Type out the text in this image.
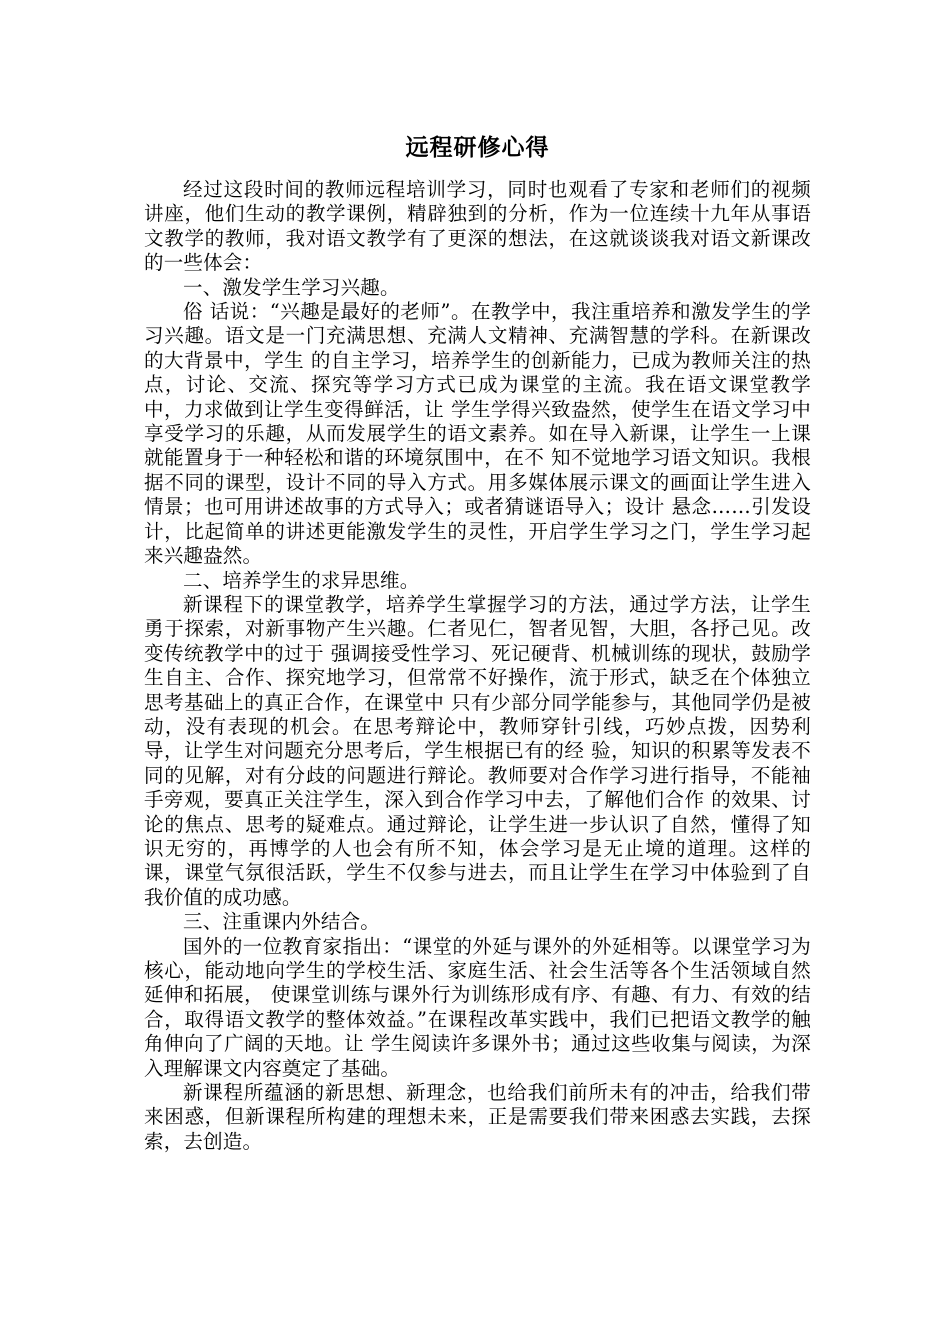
远程研修心得

经过这段时间的教师远程培训学习，同时也观看了专家和老师们的视频讲座，他们生动的教学课例，精辟独到的分析，作为一位连续十九年从事语文教学的教师，我对语文教学有了更深的想法，在这就谈谈我对语文新课改的一些体会：

一、激发学生学习兴趣。

俗 话说：“兴趣是最好的老师”。在教学中，我注重培养和激发学生的学习兴趣。语文是一门充满思想、充满人文精神、充满智慧的学科。在新课改的大背景中，学生 的自主学习，培养学生的创新能力，已成为教师关注的热点，讨论、交流、探究等学习方式已成为课堂的主流。我在语文课堂教学中，力求做到让学生变得鲜活，让 学生学得兴致盎然，使学生在语文学习中享受学习的乐趣，从而发展学生的语文素养。如在导入新课，让学生一上课就能置身于一种轻松和谐的环境氛围中，在不 知不觉地学习语文知识。我根据不同的课型，设计不同的导入方式。用多媒体展示课文的画面让学生进入情景；也可用讲述故事的方式导入；或者猜谜语导入；设计 悬念……引发设计，比起简单的讲述更能激发学生的灵性，开启学生学习之门，学生学习起来兴趣盎然。

二、培养学生的求异思维。

新课程下的课堂教学，培养学生掌握学习的方法，通过学方法，让学生勇于探索，对新事物产生兴趣。仁者见仁，智者见智，大胆，各抒己见。改变传统教学中的过于 强调接受性学习、死记硬背、机械训练的现状，鼓励学生自主、合作、探究地学习，但常常不好操作，流于形式，缺乏在个体独立思考基础上的真正合作，在课堂中 只有少部分同学能参与，其他同学仍是被动，没有表现的机会。在思考辩论中，教师穿针引线，巧妙点拨，因势利导，让学生对问题充分思考后，学生根据已有的经 验，知识的积累等发表不同的见解，对有分歧的问题进行辩论。教师要对合作学习进行指导，不能袖手旁观，要真正关注学生，深入到合作学习中去，了解他们合作 的效果、讨论的焦点、思考的疑难点。通过辩论，让学生进一步认识了自然，懂得了知识无穷的，再博学的人也会有所不知，体会学习是无止境的道理。这样的课，课堂气氛很活跃，学生不仅参与进去，而且让学生在学习中体验到了自我价值的成功感。

三、注重课内外结合。

国外的一位教育家指出：“课堂的外延与课外的外延相等。以课堂学习为核心，能动地向学生的学校生活、家庭生活、社会生活等各个生活领域自然延伸和拓展， 使课堂训练与课外行为训练形成有序、有趣、有力、有效的结合，取得语文教学的整体效益。”在课程改革实践中，我们已把语文教学的触角伸向了广阔的天地。让 学生阅读许多课外书；通过这些收集与阅读，为深入理解课文内容奠定了基础。

新课程所蕴涵的新思想、新理念，也给我们前所未有的冲击，给我们带来困惑，但新课程所构建的理想未来，正是需要我们带来困惑去实践，去探索，去创造。
